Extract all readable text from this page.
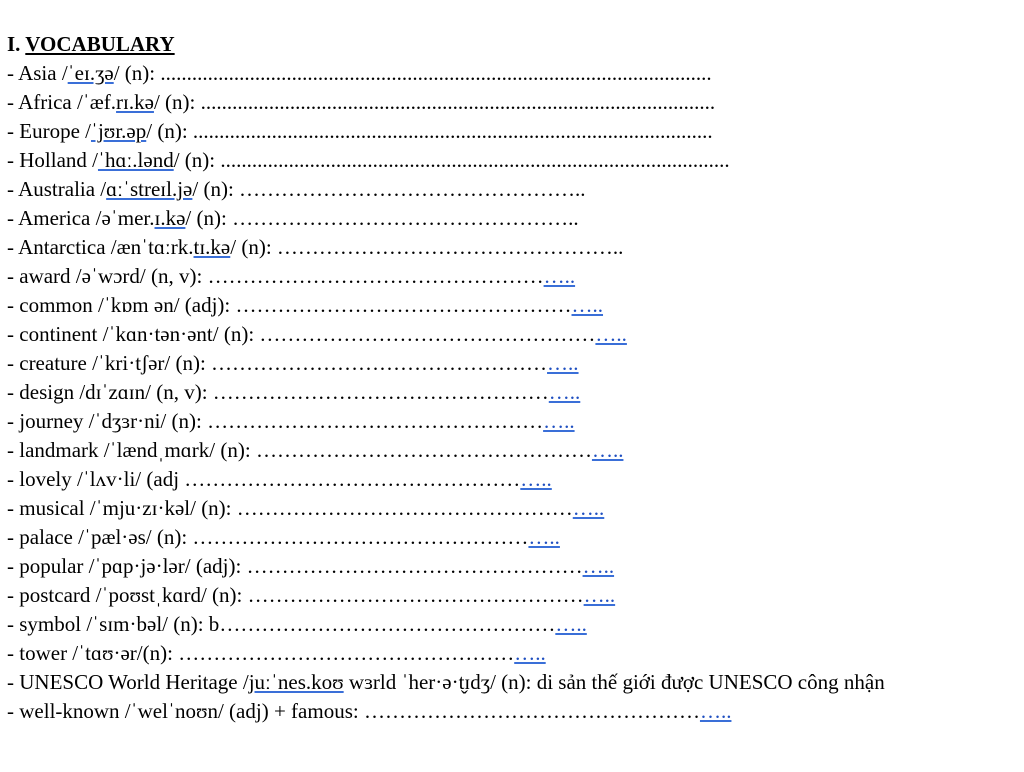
I. VOCABULARY
- Asia /ˈeɪ.ʒə/ (n): .........................................................................................................
- Africa /ˈæf.rɪ.kə/ (n): ..................................................................................................
- Europe /ˈjʊr.əp/ (n): ...................................................................................................
- Holland /ˈhɑː.lənd/ (n): .................................................................................................
- Australia /ɑːˈstreɪl.jə/ (n): …………………………………………..
- America /əˈmer.ɪ.kə/ (n): …………………………………………..
- Antarctica /ænˈtɑːrk.tɪ.kə/ (n): …………………………………………..
- award /əˈwɔrd/ (n, v): ……………………………………………..
- common /ˈkɒm ən/ (adj): ……………………………………………..
- continent /ˈkɑn·tən·ənt/ (n): ……………………………………………..
- creature /ˈkri·tʃər/ (n): ……………………………………………..
- design /dɪˈzɑɪn/ (n, v): ……………………………………………..
- journey /ˈdʒɜr·ni/ (n): ……………………………………………..
- landmark /ˈlændˌmɑrk/ (n): ……………………………………………..
- lovely /ˈlʌv·li/ (adj ……………………………………………..
- musical /ˈmju·zɪ·kəl/ (n): ……………………………………………..
- palace /ˈpæl·əs/ (n): ……………………………………………..
- popular /ˈpɑp·jə·lər/ (adj): ……………………………………………..
- postcard /ˈpoʊstˌkɑrd/ (n): ……………………………………………..
- symbol /ˈsɪm·bəl/ (n): b……………………………………………..
- tower /ˈtɑʊ·ər/(n): ……………………………………………..
- UNESCO World Heritage /juːˈnes.koʊ wɜrld ˈher·ə·t̬ɪdʒ/ (n): di sản thế giới được UNESCO công nhận
- well-known /ˈwelˈnoʊn/ (adj) + famous: ……………………………………………..
